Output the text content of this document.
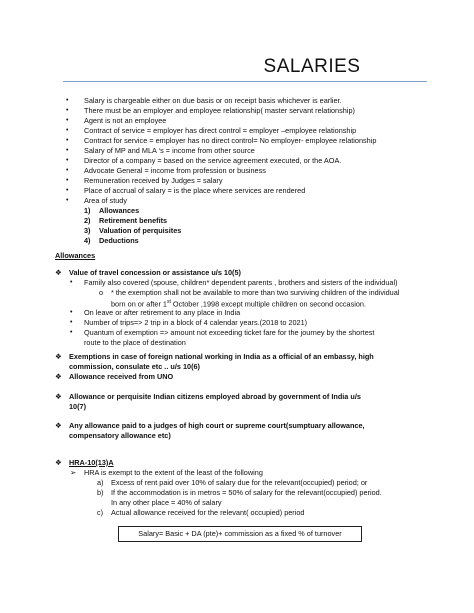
SALARIES
• Salary is chargeable either on due basis or on receipt basis whichever is earlier.
• There must be an employer and employee relationship( master servant relationship)
• Agent is not an employee
• Contract of service = employer has direct control = employer –employee relationship
• Contract for service = employer has no direct control= No employer- employee relationship
• Salary of MP and MLA ‘s = income from other source
• Director of a company = based on the service agreement executed, or the AOA.
• Advocate General = income from profession or business
• Remuneration received by Judges = salary
• Place of accrual of salary = is the place where services are rendered
• Area of study
1) Allowances
2) Retirement benefits
3) Valuation of perquisites
4) Deductions
Allowances
❖ Value of travel concession or assistance u/s 10(5)
• Family also covered (spouse, children* dependent parents , brothers and sisters of the individual)
o * the exemption shall not be available to more than two surviving children of the individual
born on or after 1st October ,1998 except multiple children on second occasion.
• On leave or after retirement to any place in India
• Number of trips=> 2 trip in a block of 4 calendar years.(2018 to 2021)
• Quantum of exemption => amount not exceeding ticket fare for the journey by the shortest
route to the place of destination
❖ Exemptions in case of foreign national working in India as a official of an embassy, high
commission, consulate etc .. u/s 10(6)
❖ Allowance received from UNO
❖ Allowance or perquisite Indian citizens employed abroad by government of India u/s
10(7)
❖ Any allowance paid to a judges of high court or supreme court(sumptuary allowance,
compensatory allowance etc)
❖ HRA-10(13)A
➢ HRA is exempt to the extent of the least of the following
a) Excess of rent paid over 10% of salary due for the relevant(occupied) period; or
b) If the accommodation is in metros = 50% of salary for the relevant(occupied) period.
In any other place = 40% of salary
c) Actual allowance received for the relevant( occupied) period
Salary= Basic + DA (pte)+ commission as a fixed % of turnover
